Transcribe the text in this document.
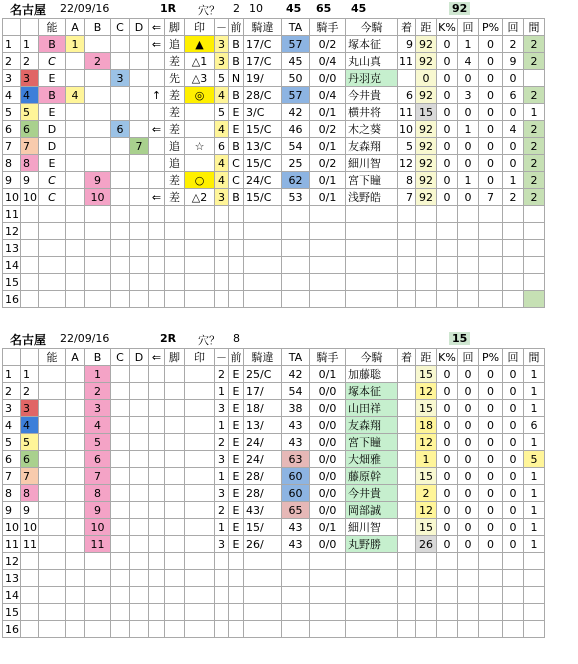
名古屋 22/09/16	1R 穴？ 2 10 45 65 45	92
		能	A	B	C	D	⇐	脚	印	－	前	騎違	TA	騎手	今騎	着	距	K%	回	P%	回	間
1	1	B	1				⇐	追	▲	3	B	17/C	57	0/2	塚本征	9	92	0	1	0	2	2
2	2	C		2				差	△1	3	B	17/C	45	0/4	丸山真	11	92	0	4	0	9	2
3	3	E			3			先	△3	5	N	19/	50	0/0	丹羽克		0	0	0	0	0	
4	4	B	4				↑	差	◎	4	B	28/C	57	0/4	今井貴	6	92	0	3	0	6	2
5	5	E						差		5	E	3/C	42	0/1	横井将	11	15	0	0	0	0	1
6	6	D			6		⇐	差		4	E	15/C	46	0/2	木之葵	10	92	0	1	0	4	2
7	7	D				7		追	☆	6	B	13/C	54	0/1	友森翔	5	92	0	0	0	0	2
8	8	E						追		4	C	15/C	25	0/2	細川智	12	92	0	0	0	0	2
9	9	C		9				差	○	4	C	24/C	62	0/1	宮下瞳	8	92	0	1	0	1	2
10	10	C		10			⇐	差	△2	3	B	15/C	53	0/1	浅野皓	7	92	0	0	7	2	2
11																						
12																						
13																						
14																						
15																						
16																						
名古屋 22/09/16	2R 穴？ 8	15
		能	A	B	C	D	⇐	脚	印	－	前	騎違	TA	騎手	今騎	着	距	K%	回	P%	回	間
1	1			1						2	E	25/C	42	0/1	加藤聡		15	0	0	0	0	1
2	2			2						1	E	17/	54	0/0	塚本征		12	0	0	0	0	1
3	3			3						3	E	18/	38	0/0	山田祥		15	0	0	0	0	1
4	4			4						1	E	13/	43	0/0	友森翔		18	0	0	0	0	6
5	5			5						2	E	24/	43	0/0	宮下瞳		12	0	0	0	0	1
6	6			6						3	E	24/	63	0/0	大畑雅		1	0	0	0	0	5
7	7			7						1	E	28/	60	0/0	藤原幹		15	0	0	0	0	1
8	8			8						3	E	28/	60	0/0	今井貴		2	0	0	0	0	1
9	9			9						2	E	43/	65	0/0	岡部誠		12	0	0	0	0	1
10	10			10						1	E	15/	43	0/1	細川智		15	0	0	0	0	1
11	11			11						3	E	26/	43	0/0	丸野勝		26	0	0	0	0	1
12																						
13																						
14																						
15																						
16																						
